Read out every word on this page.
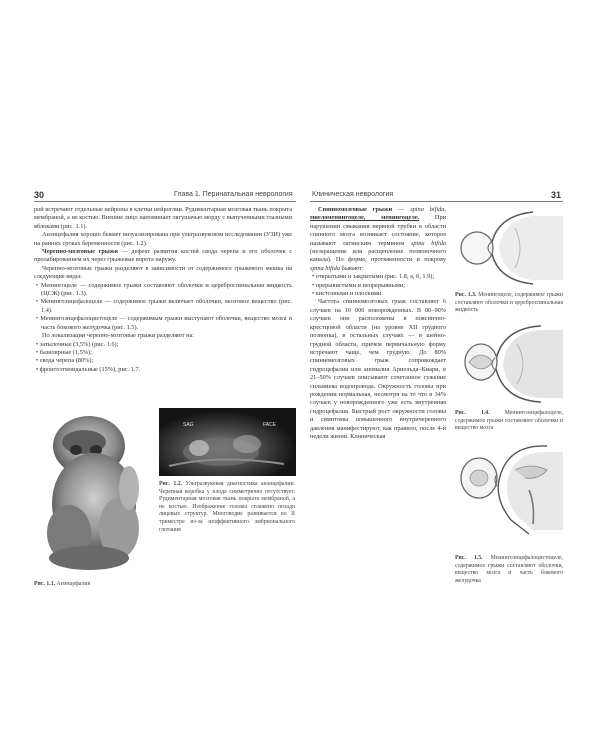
30	Глава 1. Перинатальная неврология	Клиническая неврология	31

рой встречают отдельные нейроны в клетки нейроглии. Рудиментарная мозговая ткань покрыта мембраной, а не костью. Внешне лицо напоминает лягушачью морду с выпученными глазными яблоками (рис. 1.1).

Анэнцефалия хорошо бывает визуализирована при ультразвуковом исследовании (УЗИ) уже на ранних сроках беременности (рис. 1.2).

Черепно-мозговые грыжи — дефект развития костей свода черепа и его оболочек с пролабированием их через грыжевые ворота наружу.

Черепно-мозговые грыжи разделяют в зависимости от содержимого грыжевого мешка на следующие виды:

• Менингоцеле — содержимое грыжи составляют оболочки и цереброспинальная жидкость (ЦСЖ) (рис. 1.3).
• Менингоэнцефалоцеле — содержимое грыжи включает оболочки, мозговое вещество (рис. 1.4).
• Менингоэнцефалоцистоцеле — содержимым грыжи выступают оболочки, вещество мозга и часть бокового желудочка (рис. 1.5).

По локализации черепно-мозговые грыжи разделяют на:

• затылочные (3,5%) (рис. 1.6);
• базилярные (1,5%);
• свода черепа (80%);
• фронтоэтмоидальные (15%), рис. 1.7.
SAG	FACE
Рис. 1.2. Ультразвуковая диагностика анэнцефалии. Черепная коробка у плода симметрично отсутствует. Рудиментарная мозговая ткань покрыта мембраной, а не костью. Изображение головы сглажено позади лицевых структур. Многоводие развивается во II триместре из-за неэффективного эмбрионального глотания
Рис. 1.1. Анэнцефалия

Спинномозговые грыжи — spina bifida, миеломенингоцеле, менингоцеле. При нарушении смыкания нервной трубки в области спинного мозга возникает состояние, которое называют латинским термином spina bifida (незаращение или расщепление позвоночного канала). По форме, протяженности и покрову spina bifida бывают:

• открытыми и закрытыми (рис. 1.8, а, б, 1.9);
• прерывистыми и непрерывными;
• кистозными и плоскими.

Частота спинномозговых грыж составляет 6 случаев на 10 000 новорожденных. В 80–90% случаев они расположены в пояснично-крестцовой области (на уровне XII грудного позвонка), в остальных случаях — в шейно-грудной области, причем первичальную форму встречают чаще, чем грудную. До 80% спинномозговых грыж сопровождает гидроцефалия или аномалия Арнольда–Киари, в 21–50% случаев описывают сочетанное сужение сильвиева водопровода. Окружность головы при рождении нормальная, несмотря на то что в 34% случаев у новорожденного уже есть внутренняя гидроцефалия. Быстрый рост окружности головы и симптомы повышенного внутричерепного давления манифестируют, как правило, после 4-й недели жизни. Клиническая

Рис. 1.3. Менингоцеле, содержимое грыжи составляют оболочки и цереброспинальная жидкость
Рис. 1.4.	Менингоэнцефалоцеле, содержимое грыжи составляют оболочки и вещество мозга
Рис. 1.5. Менингоэнцефалоцистоцеле, содержимое грыжи составляют оболочки, вещество мозга и часть бокового желудочка
